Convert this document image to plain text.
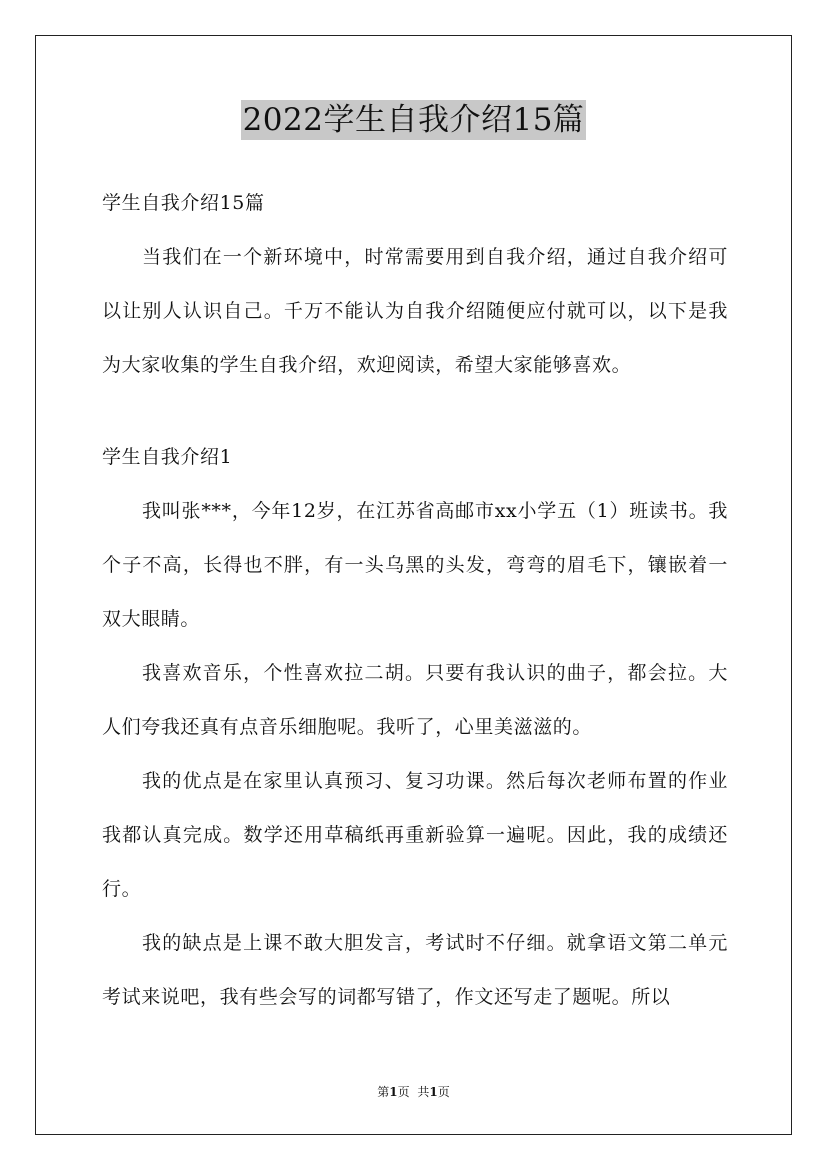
2022学生自我介绍15篇

学生自我介绍15篇

当我们在一个新环境中，时常需要用到自我介绍，通过自我介绍可以让别人认识自己。千万不能认为自我介绍随便应付就可以，以下是我为大家收集的学生自我介绍，欢迎阅读，希望大家能够喜欢。

学生自我介绍1

我叫张***，今年12岁，在江苏省高邮市xx小学五（1）班读书。我个子不高，长得也不胖，有一头乌黑的头发，弯弯的眉毛下，镶嵌着一双大眼睛。

我喜欢音乐，个性喜欢拉二胡。只要有我认识的曲子，都会拉。大人们夸我还真有点音乐细胞呢。我听了，心里美滋滋的。

我的优点是在家里认真预习、复习功课。然后每次老师布置的作业我都认真完成。数学还用草稿纸再重新验算一遍呢。因此，我的成绩还行。

我的缺点是上课不敢大胆发言，考试时不仔细。就拿语文第二单元考试来说吧，我有些会写的词都写错了，作文还写走了题呢。所以

第1页 共1页
